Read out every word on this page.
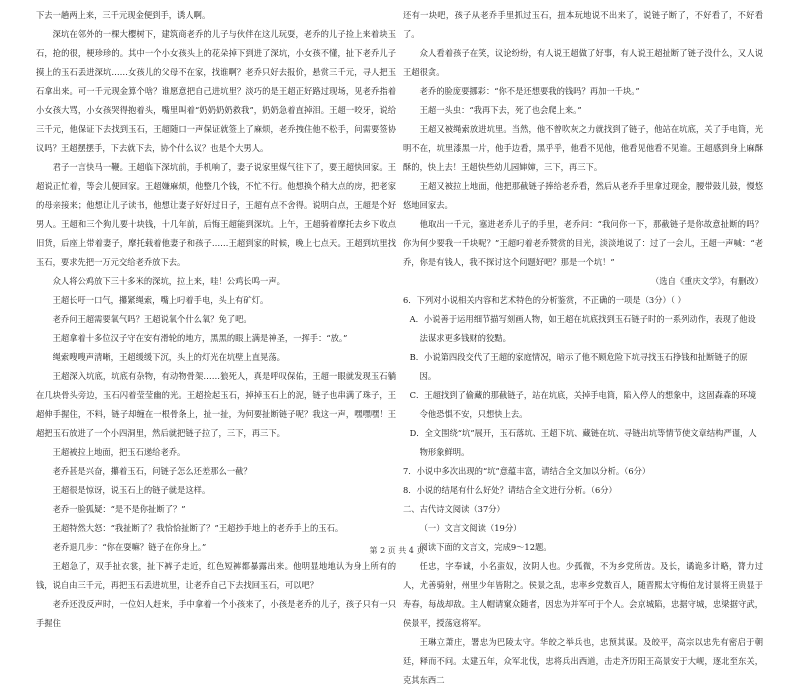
下去一趟两上来，三千元现金便到手，诱人啊。

深坑在邻外的一棵大樱树下，建筑商老乔的儿子与伙伴在这儿玩耍，老乔的儿子捡上来着块玉石，抢的很，梗珍珍的。其中一个小女孩头上的花朵掉下到进了深坑，小女孩不懂，扯下老乔儿子摸上的玉石丢进深坑……女孩儿的父母不在家，找谁啊？老乔只好去报价，悬赏三千元，寻人把玉石拿出来。可一千元现金算个啥？谁愿意把自己进坑里？淡巧的是王超正好路过现场，见老乔指着小女孩大骂，小女孩哭得抱着头，嘴里叫着“奶奶奶奶救我”，奶奶急着直掉泪。王超一咬牙，说给三千元，他保证下去找到玉石，王超随口一声保证就签上了麻烦，老乔拽住他不松手，问需要签协议吗？王超摆摆手，下去就下去，协个什么议？也是个大男人。

君子一言快马一鞭。王超临下深坑前，手机响了，妻子说家里煤气往下了，要王超快回家。王超说正忙着，等会儿便回家。王超嫌麻烦，他整几个钱，不忙不行。他想换个稍大点的房，把老家的母亲接来；他想让儿子读书，他想让妻子好好过日子，王超有点不舍得。说明白点，王超是个好男人。王超和三个狗儿要十块钱，十几年前，后悔王超能到深坑。上午，王超骑着摩托去乡下收点旧货，后座上带着妻子，摩托载着他妻子和孩子……王超到家的时候，晚上七点天。王超到坑里找玉石，要求先把一万元交给老乔放下去。

众人将公鸡放下三十多米的深坑，拉上来，哇！公鸡长鸣一声。

王超长吁一口气，攥紧绳索，嘴上叼着手电，头上有矿灯。

老乔问王超需要氧气吗？王超说氧个什么氧？免了吧。

王超拿着十多位汉子守在安有滑轮的地方，黑黑的眼上满是神圣，一挥手：“放。”

绳索嗖嗖声清晰，王超缓缓下沉，头上的灯光在坑壁上直晃荡。

王超深入坑底，坑底有杂物，有动物骨架……狼死人，真是呼叹保佑，王超一眼就发现玉石躺在几块骨头旁边，玉石闪着莹莹幽的光。王超捡起玉石，掉掉玉石上的泥，链子也串满了珠子，王超伸手握住，不料，链子却缠在一根骨条上，扯一扯，为何要扯断链子呢？我这一声，嘿嘿嘿！王超把玉石放进了一个小四洞里，然后就把链子拉了，三下，再三下。

王超被拉上地面，把玉石递给老乔。

老乔甚是兴奋，攥着玉石，问链子怎么还差那么一截？

王超很是惊讶，说玉石上的链子就是这样。

老乔一脸狐疑：“是不是你扯断了？”

王超特然大怒：“我扯断了？我恰恰扯断了？”王超抄手地上的老乔手上的玉石。

老乔退几步：“你在耍嘛？链子在你身上。”

王超急了，双手扯衣裳，扯下裤子走近，红色短裤都暴露出来。他明显地地认为身上所有的钱，说自由三千元，再把玉石丢进坑里，让老乔自己下去找回玉石，可以吧？

老乔还没反声时，一位妇人赶来，手中拿着一个小孩来了，小孩是老乔的儿子，孩子只有一只手握住

还有一块吧，孩子从老乔手里抓过玉石，扭本玩地说不出来了，说链子断了，不好看了，不好看了。

众人看着孩子在笑，议论纷纷，有人说王超做了好事，有人说王超扯断了链子没什么，又人说王超很贪。

老乔的脸庞要挪彩：“你不是还想要我的钱吗？再加一千块。”

王超一头虫：“我再下去，死了也会爬上来。”

王超又被绳索放进坑里。当然，他不曾吹灰之力就找到了链子，他站在坑底，关了手电筒，光明不在，坑里漆黑一片，他手边看，黑乎乎，他看不见他，他看见他看不见谁。王超感到身上麻酥酥的，快上去！王超快些幼儿园婶婶，三下，再三下。

王超又被拉上地面，他把那截链子捧给老乔看，然后从老乔手里拿过现金，腰带鼓儿鼓，慢悠悠地回家去。

他取出一千元，塞进老乔儿子的手里，老乔问：“我问你一下，那截链子是你故意扯断的吗？你为何少要我一千块呢？”王超叼着老乔赞赏的目光，淡淡地说了：过了一会儿，王超一声喊：“老乔，你是有钱人，我不探讨这个问题好吧？那是一个坑！”

（选自《重庆文学》，有删改）

6．下列对小说相关内容和艺术特色的分析鉴赏，不正确的一项是（3分）（ ）

A．小说善于运用细节描写刻画人物，如王超在坑底找到玉石链子时的一系列动作，表现了他设法谋求更多钱财的狡黠。

B．小说第四段交代了王超的家庭情况，暗示了他不顾危险下坑寻找玉石挣钱和扯断链子的原因。

C．王超找到了偷藏的那截链子，站在坑底，关掉手电筒，陷入停人的想象中，这固森森的环境令他恐惧不安，只想快上去。

D．全文围绕“坑”展开，玉石落坑、王超下坑、藏链在坑、寻链出坑等情节使文章结构严谨，人物形象鲜明。

7．小说中多次出现的“坑”意蕴丰富，请结合全文加以分析。（6分）

8．小说的结尾有什么好处？请结合全文进行分析。（6分）

二、古代诗文阅读（37分）

（一）文言文阅读（19分）

阅读下面的文言文，完成9～12题。

任忠，字奉诚，小名蛮奴，汝阴人也。少孤微，不为乡党所齿。及长，谲诡多计略，膂力过人，尤善骑射，州里少年皆附之。侯景之乱，忠率乡党数百人，随晋熙太守梅伯龙讨景将王贵显于寿春，每战却敌。主人帽请窠众随者，因忠为并军可于个人。会京城陷，忠据守城，忠梁据守武，侯景平，授荡寇将军。

王琳立萧庄，署忠为巴陵太守。华皎之举兵也，忠预其谋。及皎平，高宗以忠先有密启于朝廷，释而不问。太建五年，众军北伐，忠将兵出西道，击走齐历阳王高景安于大岘，逐北至东关，克其东西二

第 2 页 共 4 页
